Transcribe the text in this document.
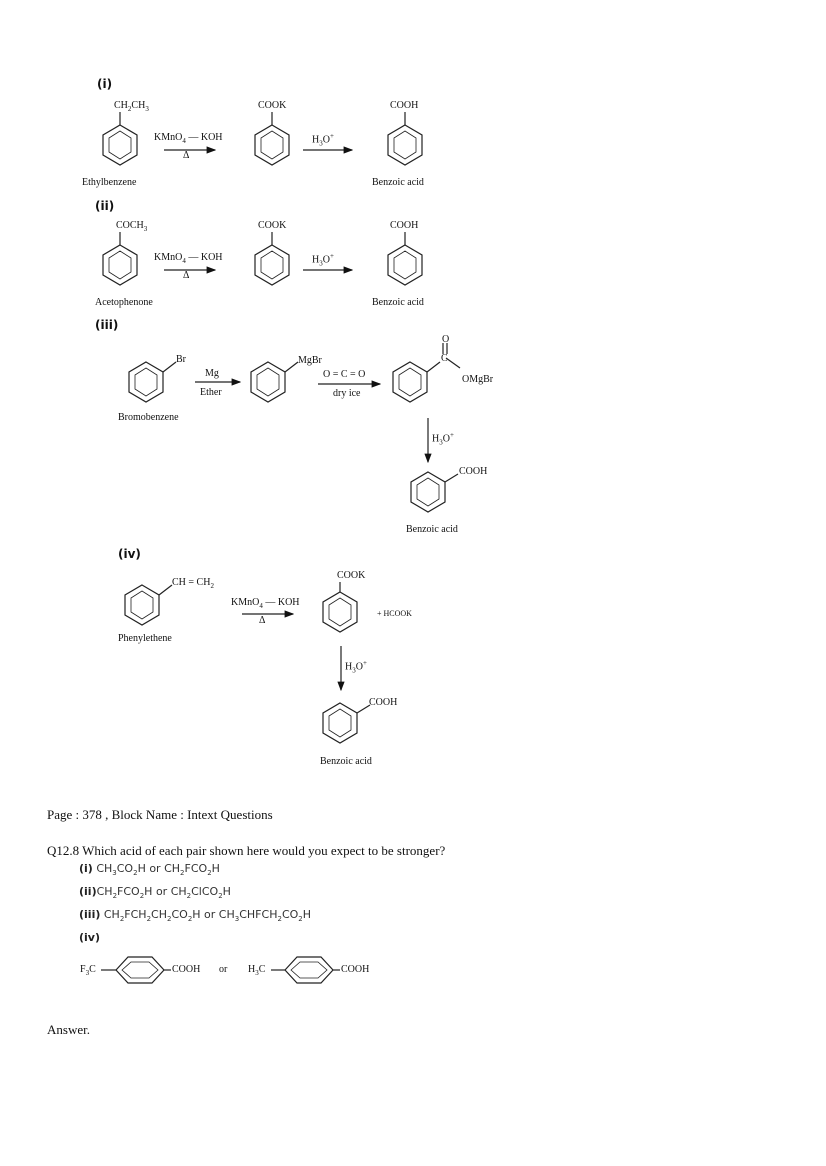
(i)
$CH_2CH_3$
KMnO$_4$ — KOH
Δ
COOK
$H_3O^+$
COOH
Ethylbenzene	Benzoic acid
(ii)
$COCH_3$
KMnO$_4$ — KOH
Δ
COOK
$H_3O^+$
COOH
Acetophenone	Benzoic acid
(iii)
Br
Mg
Ether
MgBr
O = C = O
dry ice
O
C
OMgBr
$H_3O^+$
COOH
Bromobenzene
Benzoic acid
(iv)
CH = $CH_2$
KMnO$_4$ — KOH
Δ
COOK
+ HCOOK
$H_3O^+$
COOH
Phenylethene
Benzoic acid
Page : 378 , Block Name : Intext Questions
Q12.8 Which acid of each pair shown here would you expect to be stronger?
(i) $CH_3CO_2H$ or $CH_2FCO_2H$
$(ii)CH_2FCO_2H$ or $CH_2ClCO_2H$
(iii) $CH_2FCH_2CH_2CO_2H$ or $CH_3CHFCH_2CO_2H$
(iv)
$F_3C$	COOH or $H_3C$	COOH
Answer.
